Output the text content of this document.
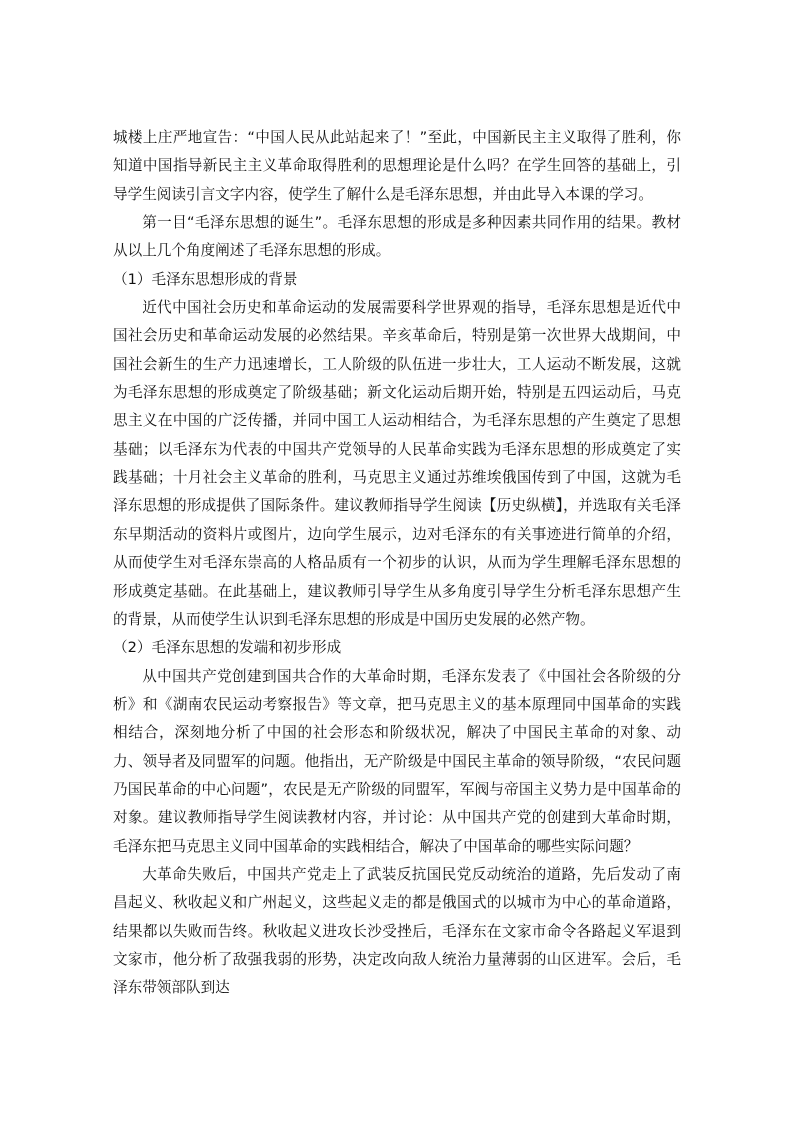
城楼上庄严地宣告：“中国人民从此站起来了！”至此，中国新民主主义取得了胜利，你知道中国指导新民主主义革命取得胜利的思想理论是什么吗？在学生回答的基础上，引导学生阅读引言文字内容，使学生了解什么是毛泽东思想，并由此导入本课的学习。

第一目“毛泽东思想的诞生”。毛泽东思想的形成是多种因素共同作用的结果。教材从以上几个角度阐述了毛泽东思想的形成。

（1）毛泽东思想形成的背景

近代中国社会历史和革命运动的发展需要科学世界观的指导，毛泽东思想是近代中国社会历史和革命运动发展的必然结果。辛亥革命后，特别是第一次世界大战期间，中国社会新生的生产力迅速增长，工人阶级的队伍进一步壮大，工人运动不断发展，这就为毛泽东思想的形成奠定了阶级基础；新文化运动后期开始，特别是五四运动后，马克思主义在中国的广泛传播，并同中国工人运动相结合，为毛泽东思想的产生奠定了思想基础；以毛泽东为代表的中国共产党领导的人民革命实践为毛泽东思想的形成奠定了实践基础；十月社会主义革命的胜利，马克思主义通过苏维埃俄国传到了中国，这就为毛泽东思想的形成提供了国际条件。建议教师指导学生阅读【历史纵横】，并选取有关毛泽东早期活动的资料片或图片，边向学生展示，边对毛泽东的有关事迹进行简单的介绍，从而使学生对毛泽东崇高的人格品质有一个初步的认识，从而为学生理解毛泽东思想的形成奠定基础。在此基础上，建议教师引导学生从多角度引导学生分析毛泽东思想产生的背景，从而使学生认识到毛泽东思想的形成是中国历史发展的必然产物。

（2）毛泽东思想的发端和初步形成

从中国共产党创建到国共合作的大革命时期，毛泽东发表了《中国社会各阶级的分析》和《湖南农民运动考察报告》等文章，把马克思主义的基本原理同中国革命的实践相结合，深刻地分析了中国的社会形态和阶级状况，解决了中国民主革命的对象、动力、领导者及同盟军的问题。他指出，无产阶级是中国民主革命的领导阶级，“农民问题乃国民革命的中心问题”，农民是无产阶级的同盟军，军阀与帝国主义势力是中国革命的对象。建议教师指导学生阅读教材内容，并讨论：从中国共产党的创建到大革命时期，毛泽东把马克思主义同中国革命的实践相结合，解决了中国革命的哪些实际问题？

大革命失败后，中国共产党走上了武装反抗国民党反动统治的道路，先后发动了南昌起义、秋收起义和广州起义，这些起义走的都是俄国式的以城市为中心的革命道路，结果都以失败而告终。秋收起义进攻长沙受挫后，毛泽东在文家市命令各路起义军退到文家市，他分析了敌强我弱的形势，决定改向敌人统治力量薄弱的山区进军。会后，毛泽东带领部队到达
